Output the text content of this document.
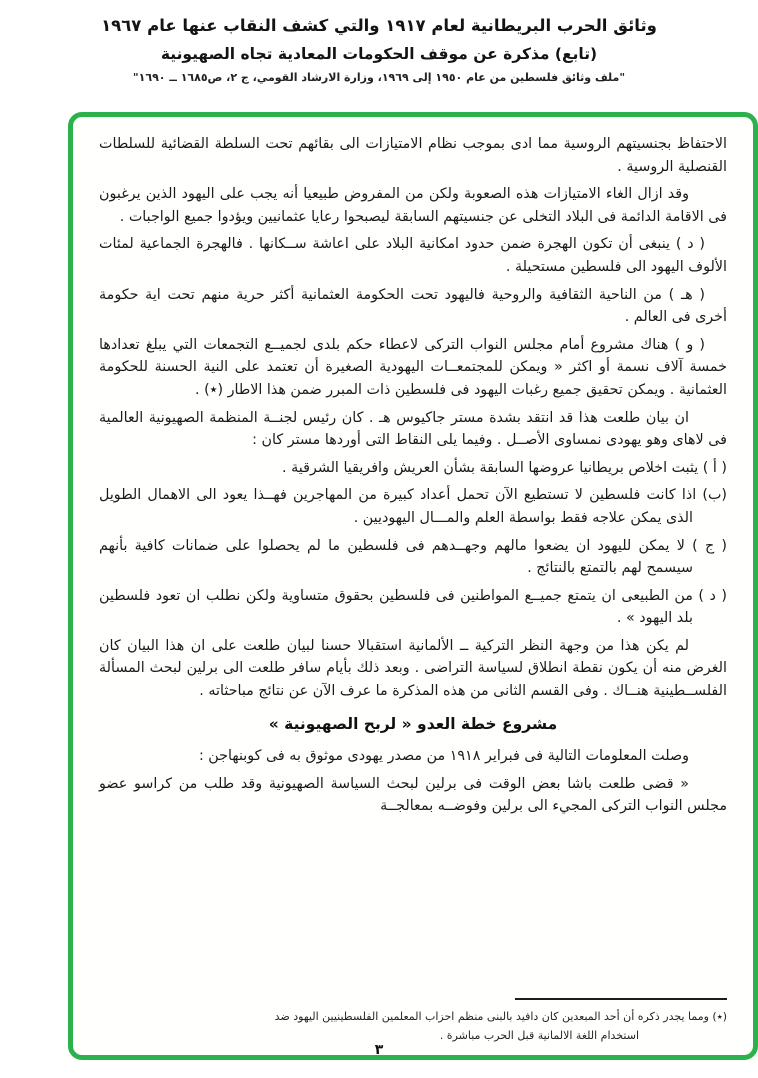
وثائق الحرب البريطانية لعام ١٩١٧ والتي كشف النقاب عنها عام ١٩٦٧
(تابع) مذكرة عن موقف الحكومات المعادية تجاه الصهيونية
"ملف وثائق فلسطين من عام ١٩٥٠ إلى ١٩٦٩، وزارة الارشاد القومي، ج ٢، ص١٦٨٥ ــ ١٦٩٠"
الاحتفاظ بجنسيتهم الروسية مما ادى بموجب نظام الامتيازات الى بقائهم تحت السلطة القضائية للسلطات القنصلية الروسية .
وقد ازال الغاء الامتيازات هذه الصعوبة ولكن من المفروض طبيعيا أنه يجب على اليهود الذين يرغبون فى الاقامة الدائمة فى البلاد التخلى عن جنسيتهم السابقة ليصبحوا رعايا عثمانيين ويؤدوا جميع الواجبات .
( د ) ينبغى أن تكون الهجرة ضمن حدود امكانية البلاد على اعاشة ســكانها . فالهجرة الجماعية لمئات الألوف اليهود الى فلسطين مستحيلة .
( هـ ) من الناحية الثقافية والروحية فاليهود تحت الحكومة العثمانية أكثر حرية منهم تحت اية حكومة أخرى فى العالم .
( و ) هناك مشروع أمام مجلس النواب التركى لاعطاء حكم بلدى لجميــع التجمعات التي يبلغ تعدادها خمسة آلاف نسمة أو اكثر « ويمكن للمجتمعــات اليهودية الصغيرة أن تعتمد على النية الحسنة للحكومة العثمانية . ويمكن تحقيق جميع رغبات اليهود فى فلسطين ذات المبرر ضمن هذا الاطار (٭) .
ان بيان طلعت هذا قد انتقد بشدة مستر جاكيوس هـ . كان رئيس لجنــة المنظمة الصهيونية العالمية فى لاهاى وهو يهودى نمساوى الأصــل . وفيما يلى النقاط التى أوردها مستر كان :
( أ ) يثبت اخلاص بريطانيا عروضها السابقة بشأن العريش وافريقيا الشرقية .
(ب) اذا كانت فلسطين لا تستطيع الآن تحمل أعداد كبيرة من المهاجرين فهــذا يعود الى الاهمال الطويل الذى يمكن علاجه فقط بواسطة العلم والمـــال اليهوديين .
( ج ) لا يمكن لليهود ان يضعوا مالهم وجهــدهم فى فلسطين ما لم يحصلوا على ضمانات كافية بأنهم سيسمح لهم بالتمتع بالنتائج .
( د ) من الطبيعى ان يتمتع جميــع المواطنين فى فلسطين بحقوق متساوية ولكن نطلب ان تعود فلسطين بلد اليهود » .
لم يكن هذا من وجهة النظر التركية ــ الألمانية استقبالا حسنا لبيان طلعت على ان هذا البيان كان الغرض منه أن يكون نقطة انطلاق لسياسة التراضى . وبعد ذلك بأيام سافر طلعت الى برلين لبحث المسألة الفلســطينية هنــاك . وفى القسم الثانى من هذه المذكرة ما عرف الآن عن نتائج مباحثاته .
مشروع خطة العدو « لربح الصهيونية »
وصلت المعلومات التالية فى فبراير ١٩١٨ من مصدر يهودى موثوق به فى كوبنهاجن :
« قضى طلعت باشا بعض الوقت فى برلين لبحث السياسة الصهيونية وقد طلب من كراسو عضو مجلس النواب التركى المجيء الى برلين وفوضــه بمعالجــة
(٭) ومما يجدر ذكره أن أحد المبعدين كان دافيد بالبنى منظم احزاب المعلمين الفلسطينيين اليهود ضد
استخدام اللغة الالمانية قبل الحرب مباشرة .
٣
